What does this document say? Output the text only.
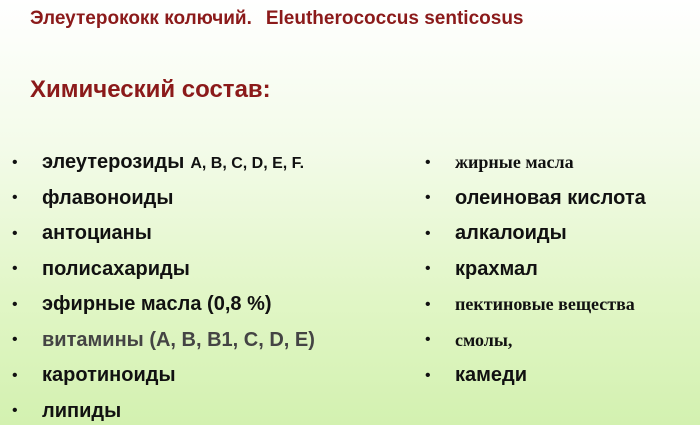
Элеутерококк колючий. Eleutherococcus senticosus
Химический состав:
•	элеутерозиды A, B, C, D, E, F.
•	флавоноиды
•	антоцианы
•	полисахариды
•	эфирные масла (0,8 %)
•	витамины (A, B, B1, C, D, E)
•	каротиноиды
•	липиды
•	жирные масла
•	олеиновая кислота
•	алкалоиды
•	крахмал
•	пектиновые вещества
•	смолы,
•	камеди
